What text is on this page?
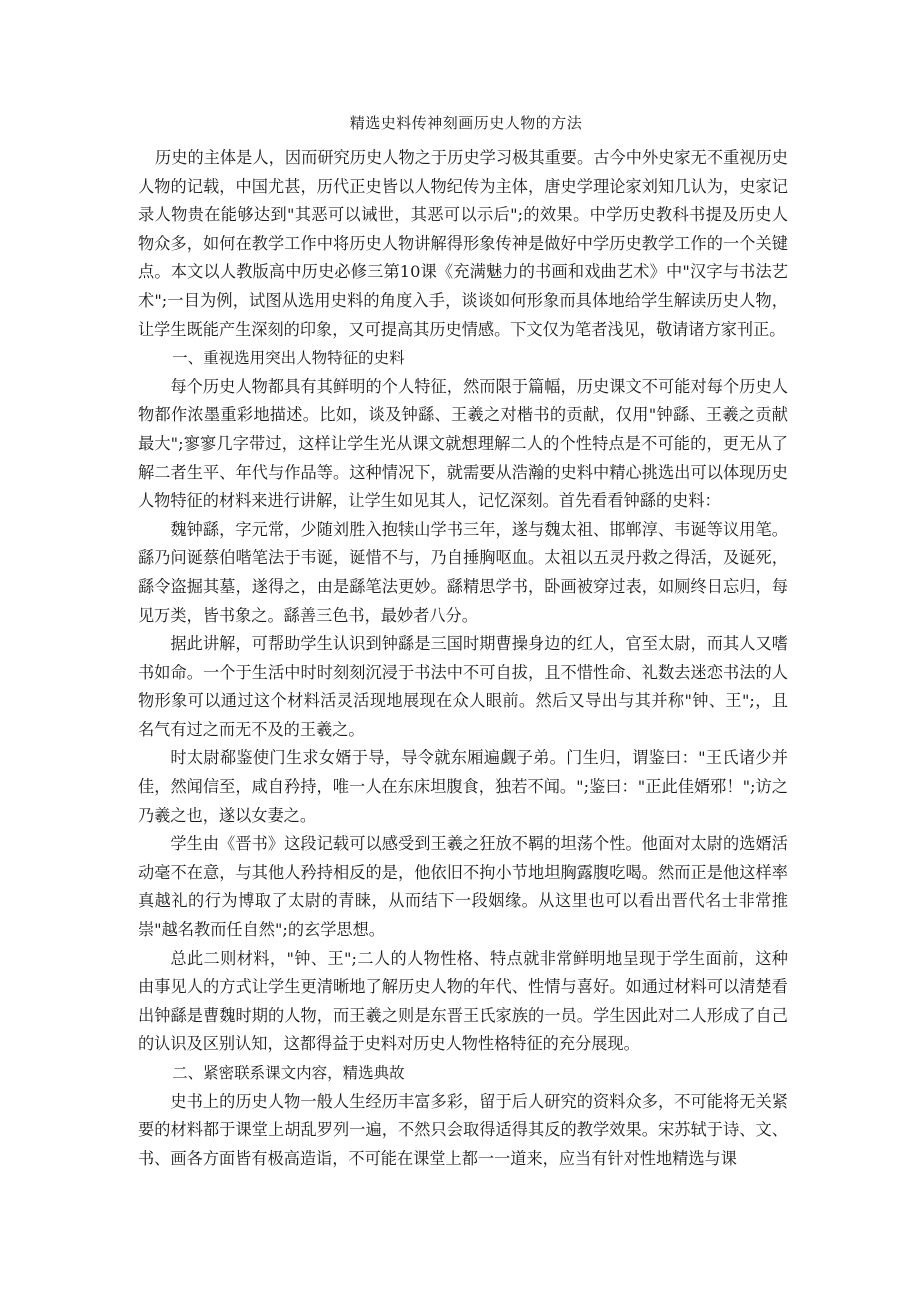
精选史料传神刻画历史人物的方法

历史的主体是人，因而研究历史人物之于历史学习极其重要。古今中外史家无不重视历史人物的记载，中国尤甚，历代正史皆以人物纪传为主体，唐史学理论家刘知几认为，史家记录人物贵在能够达到"其恶可以诫世，其恶可以示后";的效果。中学历史教科书提及历史人物众多，如何在教学工作中将历史人物讲解得形象传神是做好中学历史教学工作的一个关键点。本文以人教版高中历史必修三第10课《充满魅力的书画和戏曲艺术》中"汉字与书法艺术";一目为例，试图从选用史料的角度入手，谈谈如何形象而具体地给学生解读历史人物，让学生既能产生深刻的印象，又可提高其历史情感。下文仅为笔者浅见，敬请诸方家刊正。

一、重视选用突出人物特征的史料

每个历史人物都具有其鲜明的个人特征，然而限于篇幅，历史课文不可能对每个历史人物都作浓墨重彩地描述。比如，谈及钟繇、王羲之对楷书的贡献，仅用"钟繇、王羲之贡献最大";寥寥几字带过，这样让学生光从课文就想理解二人的个性特点是不可能的，更无从了解二者生平、年代与作品等。这种情况下，就需要从浩瀚的史料中精心挑选出可以体现历史人物特征的材料来进行讲解，让学生如见其人，记忆深刻。首先看看钟繇的史料：

魏钟繇，字元常，少随刘胜入抱犊山学书三年，遂与魏太祖、邯郸淳、韦诞等议用笔。繇乃问诞蔡伯喈笔法于韦诞，诞惜不与，乃自捶胸呕血。太祖以五灵丹救之得活，及诞死，繇令盗掘其墓，遂得之，由是繇笔法更妙。繇精思学书，卧画被穿过表，如厕终日忘归，每见万类，皆书象之。繇善三色书，最妙者八分。

据此讲解，可帮助学生认识到钟繇是三国时期曹操身边的红人，官至太尉，而其人又嗜书如命。一个于生活中时时刻刻沉浸于书法中不可自拔，且不惜性命、礼数去迷恋书法的人物形象可以通过这个材料活灵活现地展现在众人眼前。然后又导出与其并称"钟、王";，且名气有过之而无不及的王羲之。

时太尉郗鉴使门生求女婿于导，导令就东厢遍觑子弟。门生归，谓鉴曰："王氏诸少并佳，然闻信至，咸自矜持，唯一人在东床坦腹食，独若不闻。";鉴曰："正此佳婿邪！";访之乃羲之也，遂以女妻之。

学生由《晋书》这段记载可以感受到王羲之狂放不羁的坦荡个性。他面对太尉的选婿活动毫不在意，与其他人矜持相反的是，他依旧不拘小节地坦胸露腹吃喝。然而正是他这样率真越礼的行为博取了太尉的青睐，从而结下一段姻缘。从这里也可以看出晋代名士非常推崇"越名教而任自然";的玄学思想。

总此二则材料，"钟、王";二人的人物性格、特点就非常鲜明地呈现于学生面前，这种由事见人的方式让学生更清晰地了解历史人物的年代、性情与喜好。如通过材料可以清楚看出钟繇是曹魏时期的人物，而王羲之则是东晋王氏家族的一员。学生因此对二人形成了自己的认识及区别认知，这都得益于史料对历史人物性格特征的充分展现。

二、紧密联系课文内容，精选典故

史书上的历史人物一般人生经历丰富多彩，留于后人研究的资料众多，不可能将无关紧要的材料都于课堂上胡乱罗列一遍，不然只会取得适得其反的教学效果。宋苏轼于诗、文、书、画各方面皆有极高造诣，不可能在课堂上都一一道来，应当有针对性地精选与课
